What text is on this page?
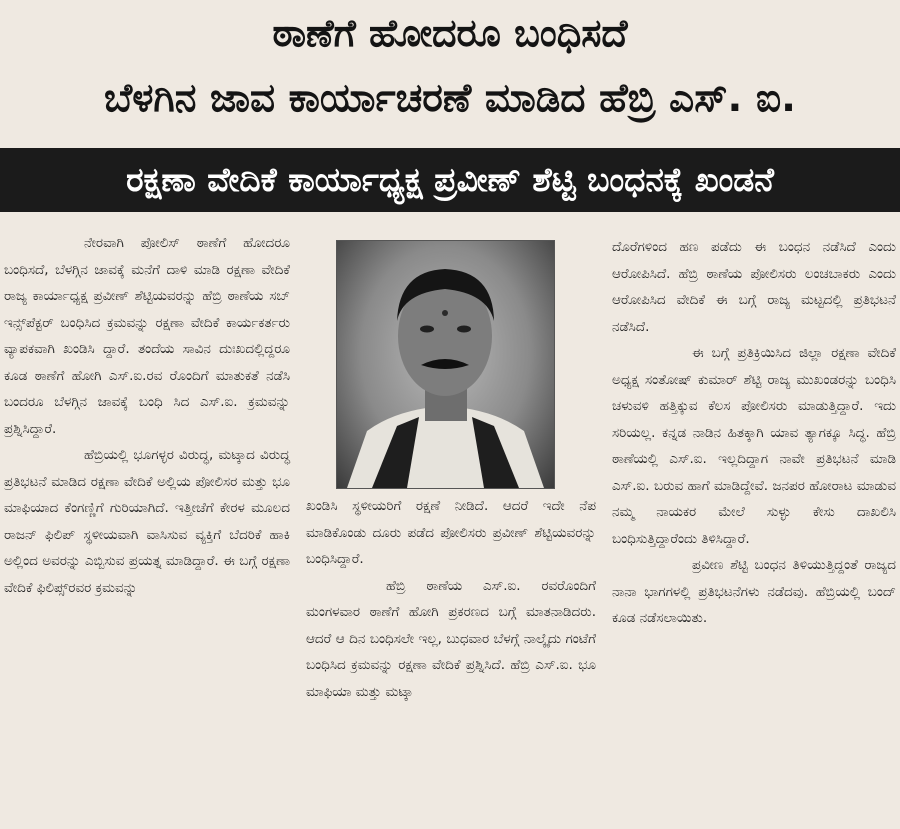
ಠಾಣೆಗೆ ಹೋದರೂ ಬಂಧಿಸದೆ
ಬೆಳಗಿನ ಜಾವ ಕಾರ್ಯಾಚರಣೆ ಮಾಡಿದ ಹೆಬ್ರಿ ಎಸ್. ಐ.
ರಕ್ಷಣಾ ವೇದಿಕೆ ಕಾರ್ಯಾಧ್ಯಕ್ಷ ಪ್ರವೀಣ್ ಶೆಟ್ಟಿ ಬಂಧನಕ್ಕೆ ಖಂಡನೆ

ನೇರವಾಗಿ ಪೋಲಿಸ್ ಠಾಣೆಗೆ ಹೋದರೂ ಬಂಧಿಸದೆ, ಬೆಳಗ್ಗಿನ ಜಾವಕ್ಕೆ ಮನೆಗೆ ದಾಳಿ ಮಾಡಿ ರಕ್ಷಣಾ ವೇದಿಕೆ ರಾಜ್ಯ ಕಾರ್ಯಾಧ್ಯಕ್ಷ ಪ್ರವೀಣ್ ಶೆಟ್ಟಿಯವರನ್ನು ಹೆಬ್ರಿ ಠಾಣೆಯ ಸಬ್ ಇನ್ಸ್‌ಪೆಕ್ಟರ್ ಬಂಧಿಸಿದ ಕ್ರಮವನ್ನು ರಕ್ಷಣಾ ವೇದಿಕೆ ಕಾರ್ಯಕರ್ತರು ವ್ಯಾಪಕವಾಗಿ ಖಂಡಿಸಿ ದ್ದಾರೆ. ತಂದೆಯ ಸಾವಿನ ದುಃಖದಲ್ಲಿದ್ದರೂ ಕೂಡ ಠಾಣೆಗೆ ಹೋಗಿ ಎಸ್.ಐ.ರವ ರೊಂದಿಗೆ ಮಾತುಕತೆ ನಡೆಸಿ ಬಂದರೂ ಬೆಳಗ್ಗಿನ ಜಾವಕ್ಕೆ ಬಂಧಿ ಸಿದ ಎಸ್.ಐ. ಕ್ರಮವನ್ನು ಪ್ರಶ್ನಿಸಿದ್ದಾರೆ.

ಹೆಬ್ರಿಯಲ್ಲಿ ಭೂಗಳ್ಳರ ವಿರುದ್ಧ, ಮಟ್ಕಾದ ವಿರುದ್ಧ ಪ್ರತಿಭಟನೆ ಮಾಡಿದ ರಕ್ಷಣಾ ವೇದಿಕೆ ಅಲ್ಲಿಯ ಪೋಲಿಸರ ಮತ್ತು ಭೂ ಮಾಫಿಯಾದ ಕೆಂಗಣ್ಣಿಗೆ ಗುರಿಯಾಗಿದೆ. ಇತ್ತೀಚೆಗೆ ಕೇರಳ ಮೂಲದ ರಾಜನ್ ಫಿಲಿಪ್ ಸ್ಥಳೀಯವಾಗಿ ವಾಸಿಸುವ ವ್ಯಕ್ತಿಗೆ ಬೆದರಿಕೆ ಹಾಕಿ ಅಲ್ಲಿಂದ ಅವರನ್ನು ಎಬ್ಬಿಸುವ ಪ್ರಯತ್ನ ಮಾಡಿದ್ದಾರೆ. ಈ ಬಗ್ಗೆ ರಕ್ಷಣಾ ವೇದಿಕೆ ಫಿಲಿಪ್ಸ್‌ರವರ ಕ್ರಮವನ್ನು

ಖಂಡಿಸಿ ಸ್ಥಳೀಯರಿಗೆ ರಕ್ಷಣೆ ನೀಡಿದೆ. ಆದರೆ ಇದೇ ನೆಪ ಮಾಡಿಕೊಂಡು ದೂರು ಪಡೆದ ಪೋಲಿಸರು ಪ್ರವೀಣ್ ಶೆಟ್ಟಿಯವರನ್ನು ಬಂಧಿಸಿದ್ದಾರೆ.

ಹೆಬ್ರಿ ಠಾಣೆಯ ಎಸ್.ಐ. ರವರೊಂದಿಗೆ ಮಂಗಳವಾರ ಠಾಣೆಗೆ ಹೋಗಿ ಪ್ರಕರಣದ ಬಗ್ಗೆ ಮಾತನಾಡಿದರು. ಆದರೆ ಆ ದಿನ ಬಂಧಿಸಲೇ ಇಲ್ಲ, ಬುಧವಾರ ಬೆಳಗ್ಗೆ ನಾಲ್ಕೈದು ಗಂಟೆಗೆ ಬಂಧಿಸಿದ ಕ್ರಮವನ್ನು ರಕ್ಷಣಾ ವೇದಿಕೆ ಪ್ರಶ್ನಿಸಿದೆ. ಹೆಬ್ರಿ ಎಸ್.ಐ. ಭೂ ಮಾಫಿಯಾ ಮತ್ತು ಮಟ್ಕಾ

ದೊರೆಗಳಿಂದ ಹಣ ಪಡೆದು ಈ ಬಂಧನ ನಡೆಸಿದೆ ಎಂದು ಆರೋಪಿಸಿದೆ. ಹೆಬ್ರಿ ಠಾಣೆಯ ಪೋಲಿಸರು ಲಂಚಬಾಕರು ಎಂದು ಆರೋಪಿಸಿದ ವೇದಿಕೆ ಈ ಬಗ್ಗೆ ರಾಜ್ಯ ಮಟ್ಟದಲ್ಲಿ ಪ್ರತಿಭಟನೆ ನಡೆಸಿದೆ.

ಈ ಬಗ್ಗೆ ಪ್ರತಿಕ್ರಿಯಿಸಿದ ಜಿಲ್ಲಾ ರಕ್ಷಣಾ ವೇದಿಕೆ ಅಧ್ಯಕ್ಷ ಸಂತೋಷ್ ಕುಮಾರ್ ಶೆಟ್ಟಿ ರಾಜ್ಯ ಮುಖಂಡರನ್ನು ಬಂಧಿಸಿ ಚಳುವಳಿ ಹತ್ತಿಕ್ಕುವ ಕೆಲಸ ಪೋಲಿಸರು ಮಾಡುತ್ತಿದ್ದಾರೆ. ಇದು ಸರಿಯಲ್ಲ. ಕನ್ನಡ ನಾಡಿನ ಹಿತಕ್ಕಾಗಿ ಯಾವ ತ್ಯಾಗಕ್ಕೂ ಸಿದ್ಧ. ಹೆಬ್ರಿ ಠಾಣೆಯಲ್ಲಿ ಎಸ್.ಐ. ಇಲ್ಲದಿದ್ದಾಗ ನಾವೇ ಪ್ರತಿಭಟನೆ ಮಾಡಿ ಎಸ್.ಐ. ಬರುವ ಹಾಗೆ ಮಾಡಿದ್ದೇವೆ. ಜನಪರ ಹೋರಾಟ ಮಾಡುವ ನಮ್ಮ ನಾಯಕರ ಮೇಲೆ ಸುಳ್ಳು ಕೇಸು ದಾಖಲಿಸಿ ಬಂಧಿಸುತ್ತಿದ್ದಾರೆಂದು ತಿಳಿಸಿದ್ದಾರೆ.

ಪ್ರವೀಣ ಶೆಟ್ಟಿ ಬಂಧನ ತಿಳಿಯುತ್ತಿದ್ದಂತೆ ರಾಜ್ಯದ ನಾನಾ ಭಾಗಗಳಲ್ಲಿ ಪ್ರತಿಭಟನೆಗಳು ನಡೆದವು. ಹೆಬ್ರಿಯಲ್ಲಿ ಬಂದ್ ಕೂಡ ನಡೆಸಲಾಯಿತು.
